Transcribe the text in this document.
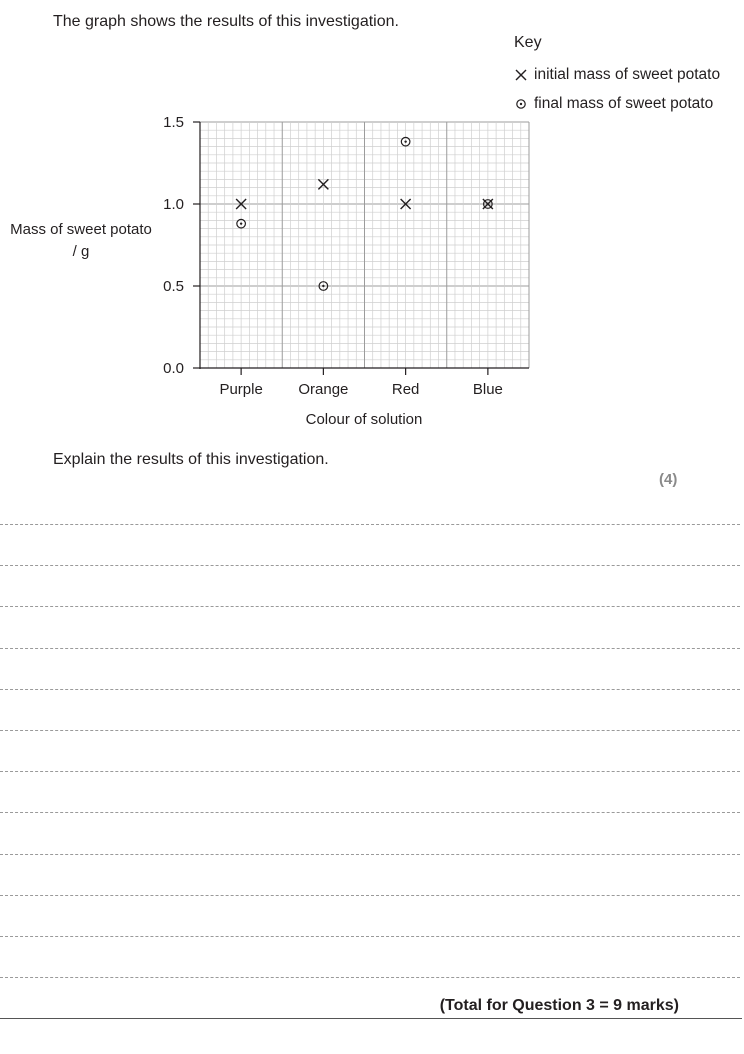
The graph shows the results of this investigation.
Key
initial mass of sweet potato
final mass of sweet potato
0.0
0.5
1.0
1.5
Purple Orange	Red	Blue
Colour of solution
Mass of sweet potato
/ g
Explain the results of this investigation.
(4)
(Total for Question 3 = 9 marks)
